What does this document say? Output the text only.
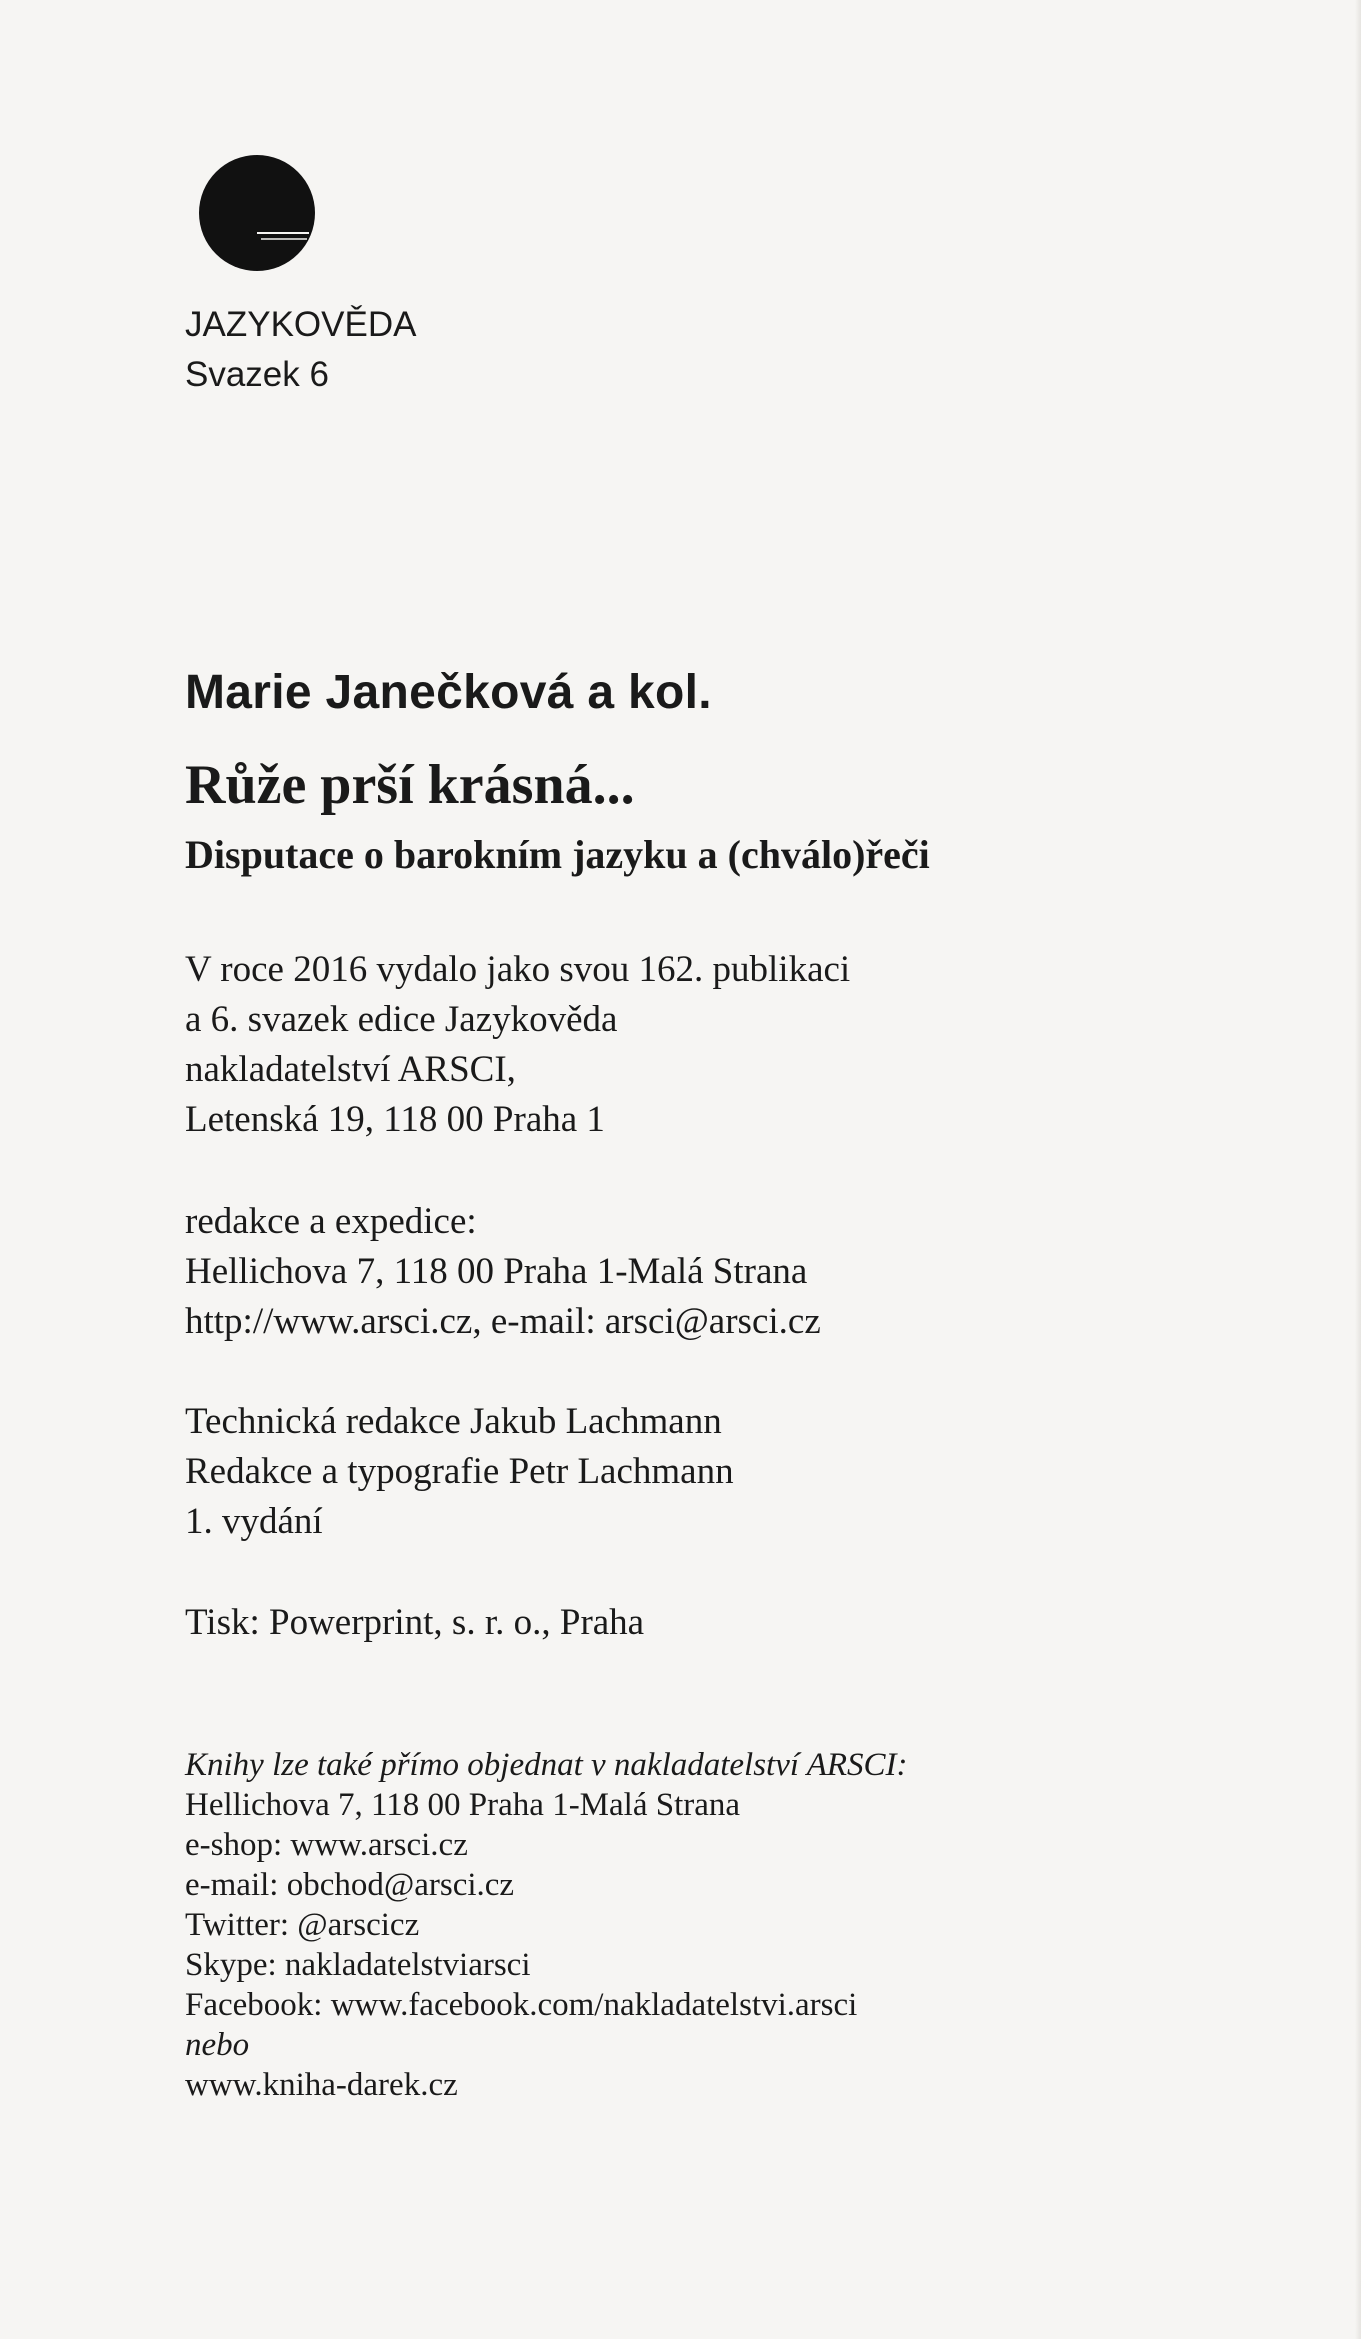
JAZYKOVĚDA
Svazek 6
Marie Janečková a kol.
Růže prší krásná...
Disputace o barokním jazyku a (chválo)řeči
V roce 2016 vydalo jako svou 162. publikaci
a 6. svazek edice Jazykověda
nakladatelství ARSCI,
Letenská 19, 118 00 Praha 1
redakce a expedice:
Hellichova 7, 118 00 Praha 1-Malá Strana
http://www.arsci.cz, e-mail: arsci@arsci.cz
Technická redakce Jakub Lachmann
Redakce a typografie Petr Lachmann
1. vydání
Tisk: Powerprint, s. r. o., Praha
Knihy lze také přímo objednat v nakladatelství ARSCI:
Hellichova 7, 118 00 Praha 1-Malá Strana
e-shop: www.arsci.cz
e-mail: obchod@arsci.cz
Twitter: @arscicz
Skype: nakladatelstviarsci
Facebook: www.facebook.com/nakladatelstvi.arsci
nebo
www.kniha-darek.cz
